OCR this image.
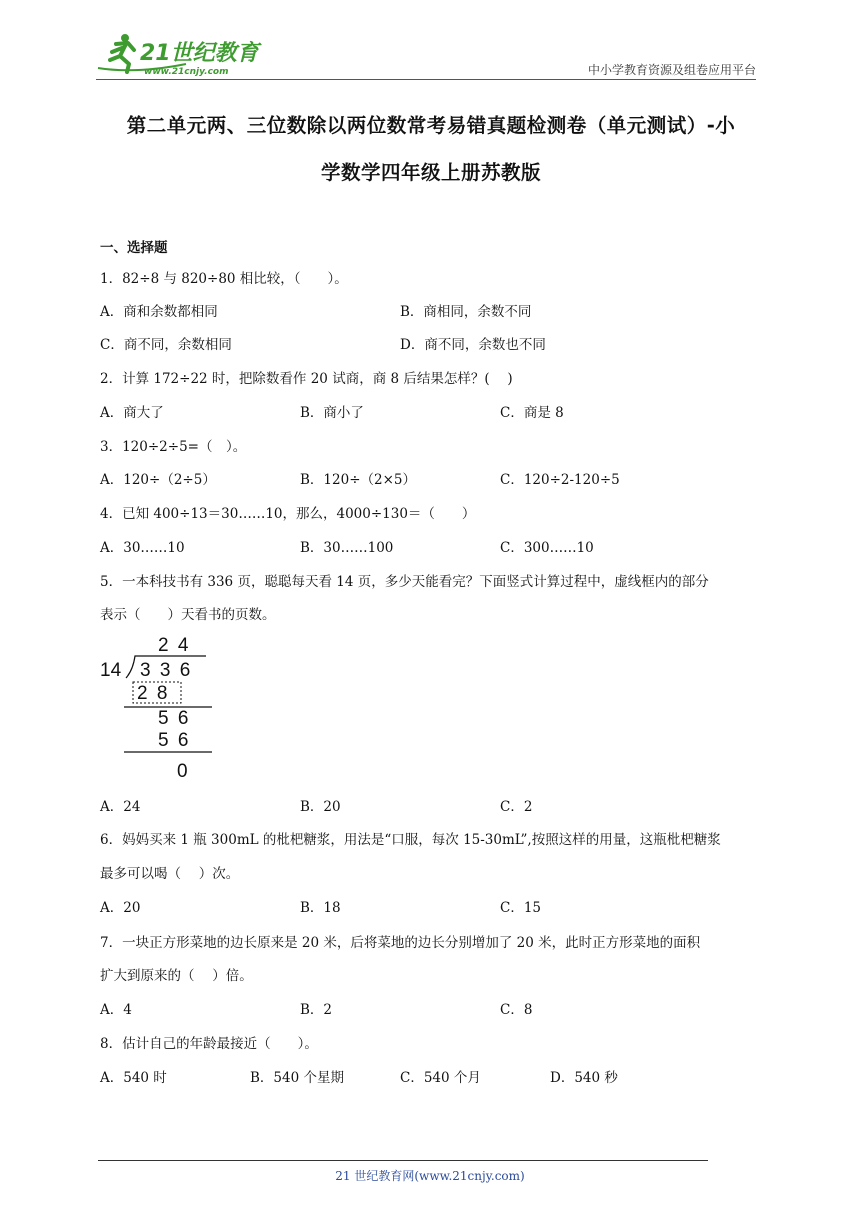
21世纪教育
www.21cnjy.com	中小学教育资源及组卷应用平台
第二单元两、三位数除以两位数常考易错真题检测卷（单元测试）-小
学数学四年级上册苏教版
一、选择题
1．82÷8 与 820÷80 相比较，（　　）。
A．商和余数都相同	B．商相同，余数不同
C．商不同，余数相同	D．商不同，余数也不同
2．计算 172÷22 时，把除数看作 20 试商，商 8 后结果怎样？(　 )
A．商大了	B．商小了	C．商是 8
3．120÷2÷5=（　）。
A．120÷（2÷5）	B．120÷（2×5）	C．120÷2-120÷5
4．已知 400÷13＝30……10，那么，4000÷130＝（　　）
A．30……10	B．30……100	C．300……10
5．一本科技书有 336 页，聪聪每天看 14 页，多少天能看完？下面竖式计算过程中，虚线框内的部分
表示（　　）天看书的页数。
2 4
14 3 3 6
2 8
5 6
5 6
0
A．24	B．20	C．2
6．妈妈买来 1 瓶 300mL 的枇杷糖浆，用法是“口服，每次 15-30mL”,按照这样的用量，这瓶枇杷糖浆
最多可以喝（　 ）次。
A．20	B．18	C．15
7．一块正方形菜地的边长原来是 20 米，后将菜地的边长分别增加了 20 米，此时正方形菜地的面积
扩大到原来的（　 ）倍。
A．4	B．2	C．8
8．估计自己的年龄最接近（　　）。
A．540 时	B．540 个星期	C．540 个月	D．540 秒
21 世纪教育网(www.21cnjy.com)
